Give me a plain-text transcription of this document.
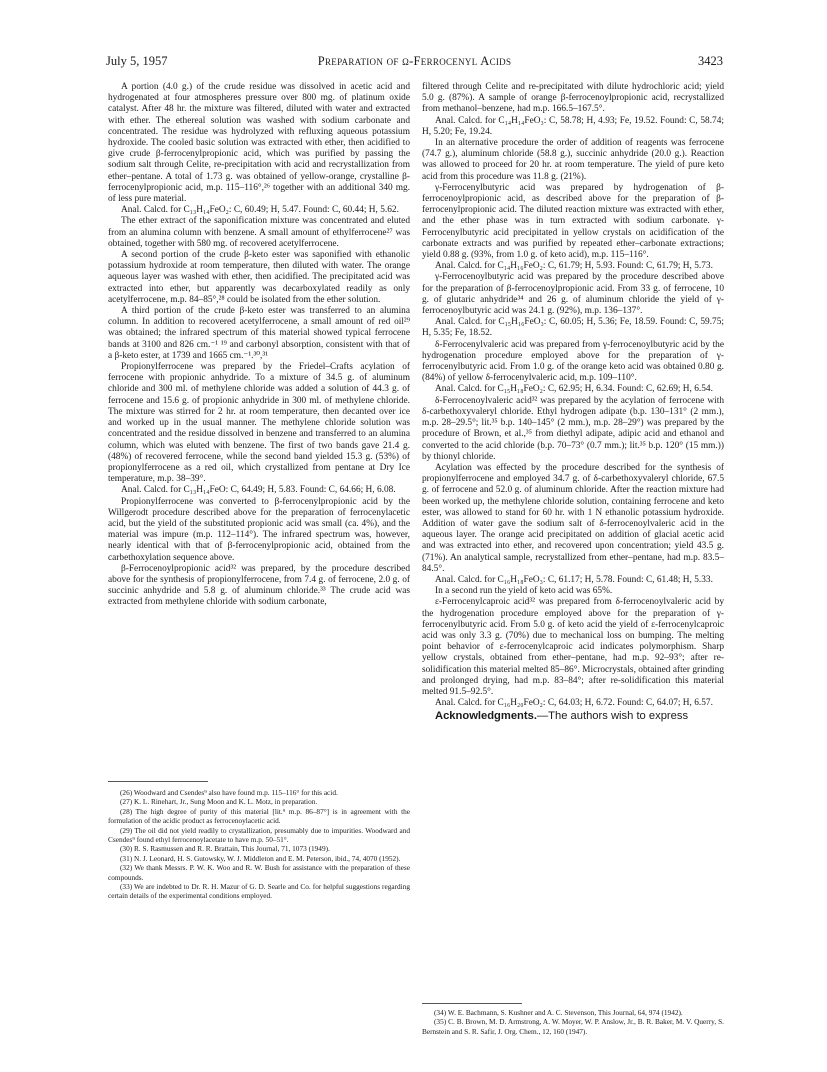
July 5, 1957	Preparation of ω-Ferrocenyl Acids	3423

A portion (4.0 g.) of the crude residue was dissolved in acetic acid and hydrogenated at four atmospheres pressure over 800 mg. of platinum oxide catalyst. After 48 hr. the mixture was filtered, diluted with water and extracted with ether. The ethereal solution was washed with sodium carbonate and concentrated. The residue was hydrolyzed with refluxing aqueous potassium hydroxide. The cooled basic solution was extracted with ether, then acidified to give crude β-ferrocenylpropionic acid, which was purified by passing the sodium salt through Celite, re-precipitation with acid and recrystallization from ether–pentane. A total of 1.73 g. was obtained of yellow-orange, crystalline β-ferrocenylpropionic acid, m.p. 115–116°,²⁶ together with an additional 340 mg. of less pure material.

Anal. Calcd. for C₁₃H₁₄FeO₂: C, 60.49; H, 5.47. Found: C, 60.44; H, 5.62.

The ether extract of the saponification mixture was concentrated and eluted from an alumina column with benzene. A small amount of ethylferrocene²⁷ was obtained, together with 580 mg. of recovered acetylferrocene.

A second portion of the crude β-keto ester was saponified with ethanolic potassium hydroxide at room temperature, then diluted with water. The orange aqueous layer was washed with ether, then acidified. The precipitated acid was extracted into ether, but apparently was decarboxylated readily as only acetylferrocene, m.p. 84–85°,²⁸ could be isolated from the ether solution.

A third portion of the crude β-keto ester was transferred to an alumina column. In addition to recovered acetylferrocene, a small amount of red oil²⁹ was obtained; the infrared spectrum of this material showed typical ferrocene bands at 3100 and 826 cm.⁻¹ ¹⁹ and carbonyl absorption, consistent with that of a β-keto ester, at 1739 and 1665 cm.⁻¹.³⁰,³¹

Propionylferrocene was prepared by the Friedel–Crafts acylation of ferrocene with propionic anhydride. To a mixture of 34.5 g. of aluminum chloride and 300 ml. of methylene chloride was added a solution of 44.3 g. of ferrocene and 15.6 g. of propionic anhydride in 300 ml. of methylene chloride. The mixture was stirred for 2 hr. at room temperature, then decanted over ice and worked up in the usual manner. The methylene chloride solution was concentrated and the residue dissolved in benzene and transferred to an alumina column, which was eluted with benzene. The first of two bands gave 21.4 g. (48%) of recovered ferrocene, while the second band yielded 15.3 g. (53%) of propionylferrocene as a red oil, which crystallized from pentane at Dry Ice temperature, m.p. 38–39°.

Anal. Calcd. for C₁₃H₁₄FeO: C, 64.49; H, 5.83. Found: C, 64.66; H, 6.08.

Propionylferrocene was converted to β-ferrocenylpropionic acid by the Willgerodt procedure described above for the preparation of ferrocenylacetic acid, but the yield of the substituted propionic acid was small (ca. 4%), and the material was impure (m.p. 112–114°). The infrared spectrum was, however, nearly identical with that of β-ferrocenylpropionic acid, obtained from the carbethoxylation sequence above.

β-Ferrocenoylpropionic acid³² was prepared, by the procedure described above for the synthesis of propionylferrocene, from 7.4 g. of ferrocene, 2.0 g. of succinic anhydride and 5.8 g. of aluminum chloride.³³ The crude acid was extracted from methylene chloride with sodium carbonate,

(26) Woodward and Csendes⁹ also have found m.p. 115–116° for this acid.

(27) K. L. Rinehart, Jr., Sung Moon and K. L. Motz, in preparation.

(28) The high degree of purity of this material [lit.⁹ m.p. 86–87°] is in agreement with the formulation of the acidic product as ferrocenoylacetic acid.

(29) The oil did not yield readily to crystallization, presumably due to impurities. Woodward and Csendes⁹ found ethyl ferrocenoylacetate to have m.p. 50–51°.

(30) R. S. Rasmussen and R. R. Brattain, This Journal, 71, 1073 (1949).

(31) N. J. Leonard, H. S. Gutowsky, W. J. Middleton and E. M. Peterson, ibid., 74, 4070 (1952).

(32) We thank Messrs. P. W. K. Woo and R. W. Bush for assistance with the preparation of these compounds.

(33) We are indebted to Dr. R. H. Mazur of G. D. Searle and Co. for helpful suggestions regarding certain details of the experimental conditions employed.

filtered through Celite and re-precipitated with dilute hydrochloric acid; yield 5.0 g. (87%). A sample of orange β-ferrocenoylpropionic acid, recrystallized from methanol–benzene, had m.p. 166.5–167.5°.

Anal. Calcd. for C₁₄H₁₄FeO₃: C, 58.78; H, 4.93; Fe, 19.52. Found: C, 58.74; H, 5.20; Fe, 19.24.

In an alternative procedure the order of addition of reagents was ferrocene (74.7 g.), aluminum chloride (58.8 g.), succinic anhydride (20.0 g.). Reaction was allowed to proceed for 20 hr. at room temperature. The yield of pure keto acid from this procedure was 11.8 g. (21%).

γ-Ferrocenylbutyric acid was prepared by hydrogenation of β-ferrocenoylpropionic acid, as described above for the preparation of β-ferrocenylpropionic acid. The diluted reaction mixture was extracted with ether, and the ether phase was in turn extracted with sodium carbonate. γ-Ferrocenylbutyric acid precipitated in yellow crystals on acidification of the carbonate extracts and was purified by repeated ether–carbonate extractions; yield 0.88 g. (93%, from 1.0 g. of keto acid), m.p. 115–116°.

Anal. Calcd. for C₁₄H₁₆FeO₂: C, 61.79; H, 5.93. Found: C, 61.79; H, 5.73.

γ-Ferrocenoylbutyric acid was prepared by the procedure described above for the preparation of β-ferrocenoylpropionic acid. From 33 g. of ferrocene, 10 g. of glutaric anhydride³⁴ and 26 g. of aluminum chloride the yield of γ-ferrocenoylbutyric acid was 24.1 g. (92%), m.p. 136–137°.

Anal. Calcd. for C₁₅H₁₆FeO₃: C, 60.05; H, 5.36; Fe, 18.59. Found: C, 59.75; H, 5.35; Fe, 18.52.

δ-Ferrocenylvaleric acid was prepared from γ-ferrocenoylbutyric acid by the hydrogenation procedure employed above for the preparation of γ-ferrocenylbutyric acid. From 1.0 g. of the orange keto acid was obtained 0.80 g. (84%) of yellow δ-ferrocenylvaleric acid, m.p. 109–110°.

Anal. Calcd. for C₁₅H₁₈FeO₂: C, 62.95; H, 6.34. Found: C, 62.69; H, 6.54.

δ-Ferrocenoylvaleric acid³² was prepared by the acylation of ferrocene with δ-carbethoxyvaleryl chloride. Ethyl hydrogen adipate (b.p. 130–131° (2 mm.), m.p. 28–29.5°; lit.³⁵ b.p. 140–145° (2 mm.), m.p. 28–29°) was prepared by the procedure of Brown, et al.,³⁵ from diethyl adipate, adipic acid and ethanol and converted to the acid chloride (b.p. 70–73° (0.7 mm.); lit.³⁵ b.p. 120° (15 mm.)) by thionyl chloride.

Acylation was effected by the procedure described for the synthesis of propionylferrocene and employed 34.7 g. of δ-carbethoxyvaleryl chloride, 67.5 g. of ferrocene and 52.0 g. of aluminum chloride. After the reaction mixture had been worked up, the methylene chloride solution, containing ferrocene and keto ester, was allowed to stand for 60 hr. with 1 N ethanolic potassium hydroxide. Addition of water gave the sodium salt of δ-ferrocenoylvaleric acid in the aqueous layer. The orange acid precipitated on addition of glacial acetic acid and was extracted into ether, and recovered upon concentration; yield 43.5 g. (71%). An analytical sample, recrystallized from ether–pentane, had m.p. 83.5–84.5°.

Anal. Calcd. for C₁₆H₁₈FeO₃: C, 61.17; H, 5.78. Found: C, 61.48; H, 5.33.

In a second run the yield of keto acid was 65%.

ε-Ferrocenylcaproic acid³² was prepared from δ-ferrocenoylvaleric acid by the hydrogenation procedure employed above for the preparation of γ-ferrocenylbutyric acid. From 5.0 g. of keto acid the yield of ε-ferrocenylcaproic acid was only 3.3 g. (70%) due to mechanical loss on bumping. The melting point behavior of ε-ferrocenylcaproic acid indicates polymorphism. Sharp yellow crystals, obtained from ether–pentane, had m.p. 92–93°; after re-solidification this material melted 85–86°. Microcrystals, obtained after grinding and prolonged drying, had m.p. 83–84°; after re-solidification this material melted 91.5–92.5°.

Anal. Calcd. for C₁₆H₂₀FeO₂: C, 64.03; H, 6.72. Found: C, 64.07; H, 6.57.

Acknowledgments.—The authors wish to express

(34) W. E. Bachmann, S. Kushner and A. C. Stevenson, This Journal, 64, 974 (1942).

(35) C. B. Brown, M. D. Armstrong, A. W. Moyer, W. P. Anslow, Jr., B. R. Baker, M. V. Querry, S. Bernstein and S. R. Safir, J. Org. Chem., 12, 160 (1947).
